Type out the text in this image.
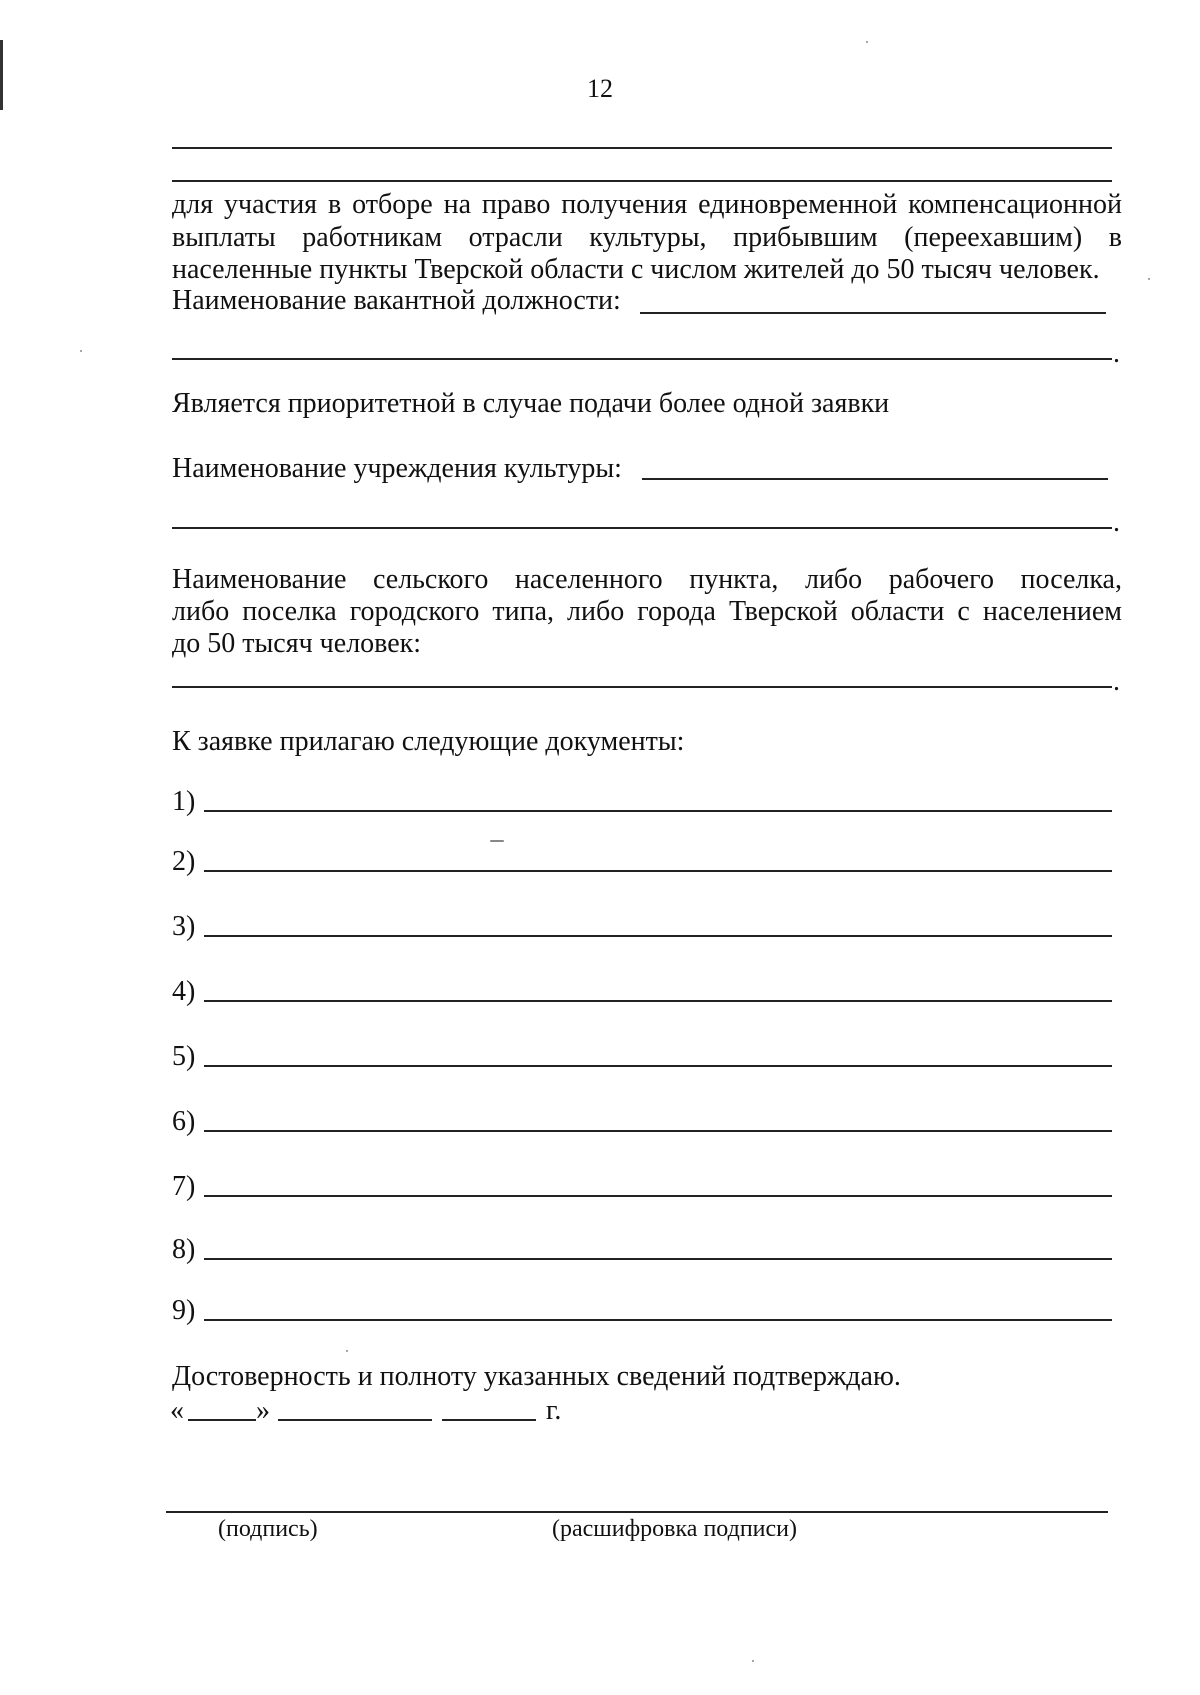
12
для участия в отборе на право получения единовременной компенсационной
выплаты работникам отрасли культуры, прибывшим (переехавшим) в
населенные пункты Тверской области с числом жителей до 50 тысяч человек.
Наименование вакантной должности:
.
Является приоритетной в случае подачи более одной заявки
Наименование учреждения культуры:
.
Наименование сельского населенного пункта, либо рабочего поселка,
либо поселка городского типа, либо города Тверской области с населением
до 50 тысяч человек:
.
К заявке прилагаю следующие документы:
1)
2)
3)
4)
5)
6)
7)
8)
9)
Достоверность и полноту указанных сведений подтверждаю.
«	»	г.
(подпись)	(расшифровка подписи)
